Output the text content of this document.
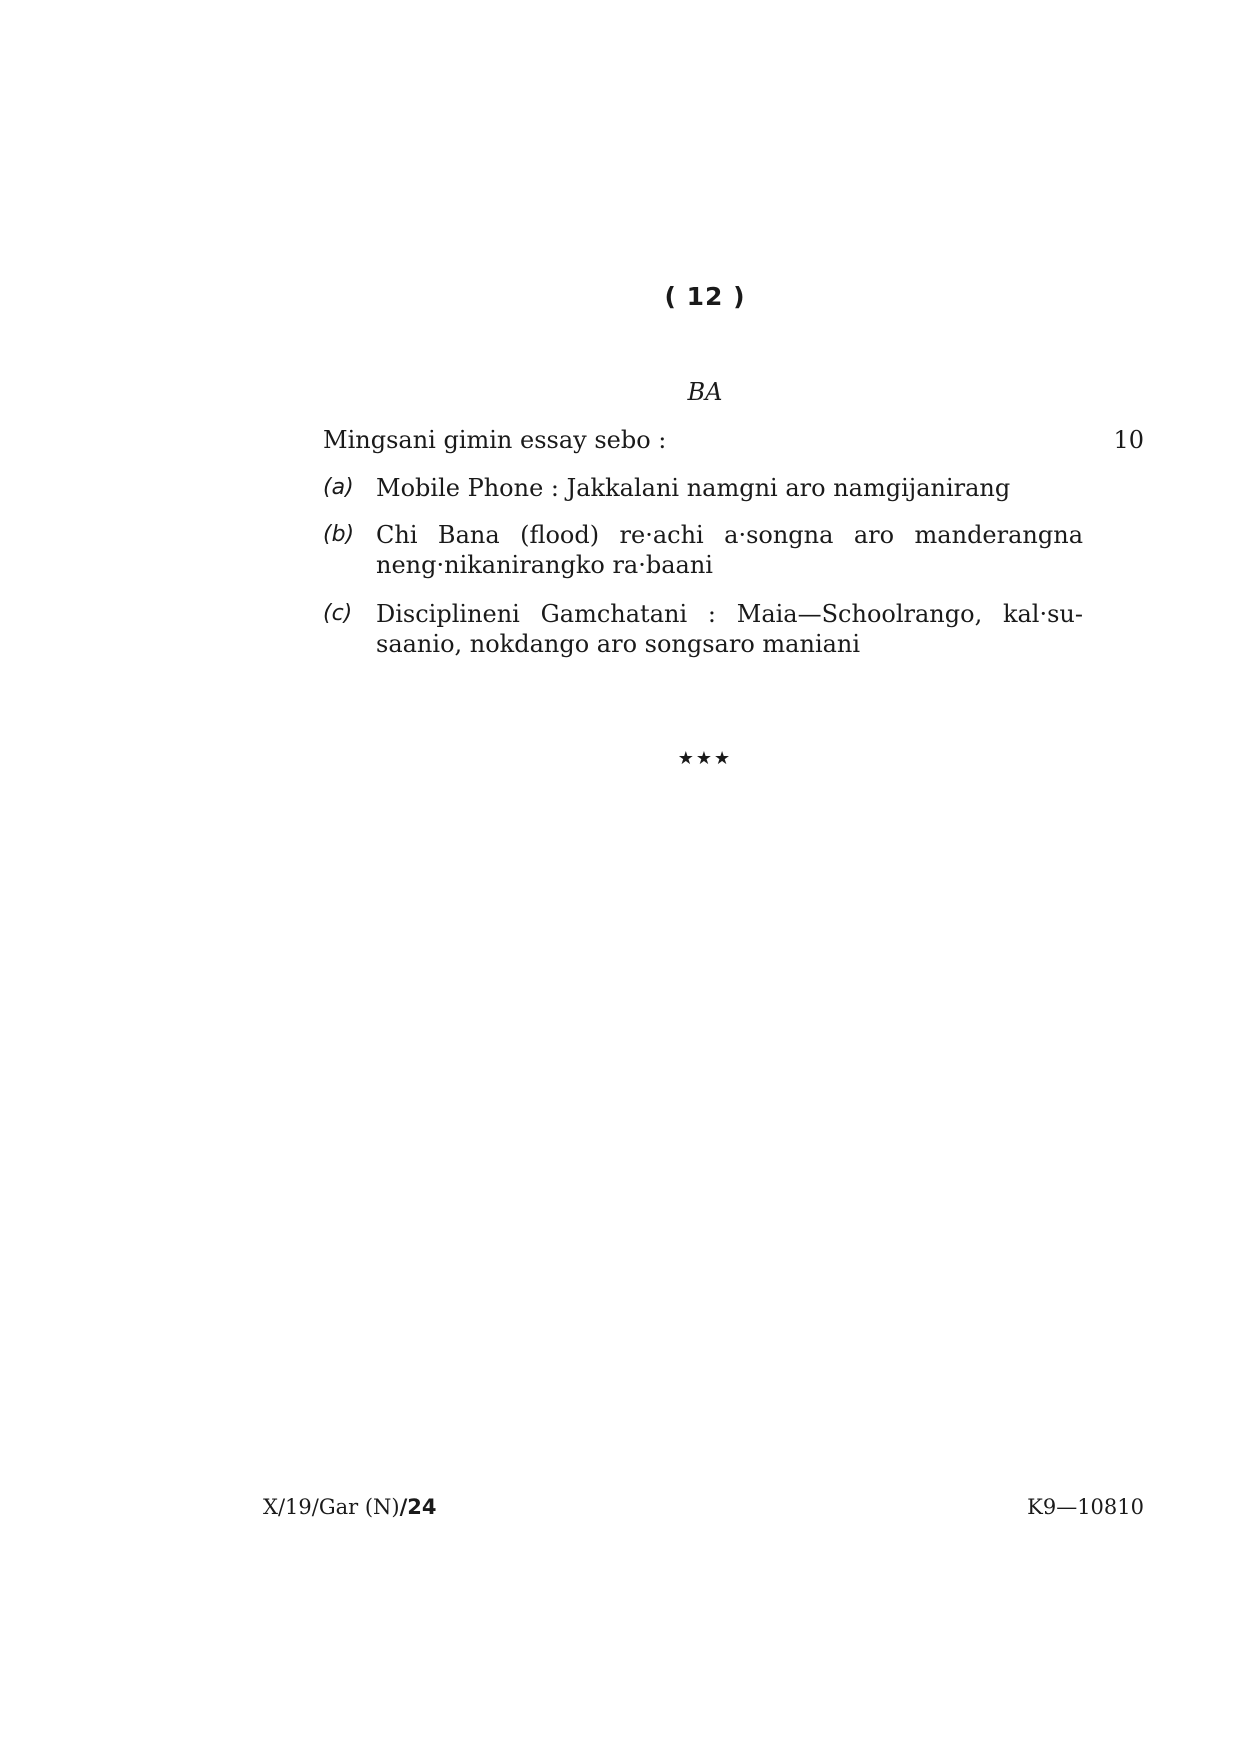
( 12 )
BA
Mingsani gimin essay sebo :	10
(a) Mobile Phone : Jakkalani namgni aro namgijanirang
(b) Chi Bana (flood) re·achi a·songna aro manderangna neng·nikanirangko ra·baani
(c) Disciplineni Gamchatani : Maia—Schoolrango, kal·su-saanio, nokdango aro songsaro maniani
★★★
X/19/Gar (N)/24	K9—10810
